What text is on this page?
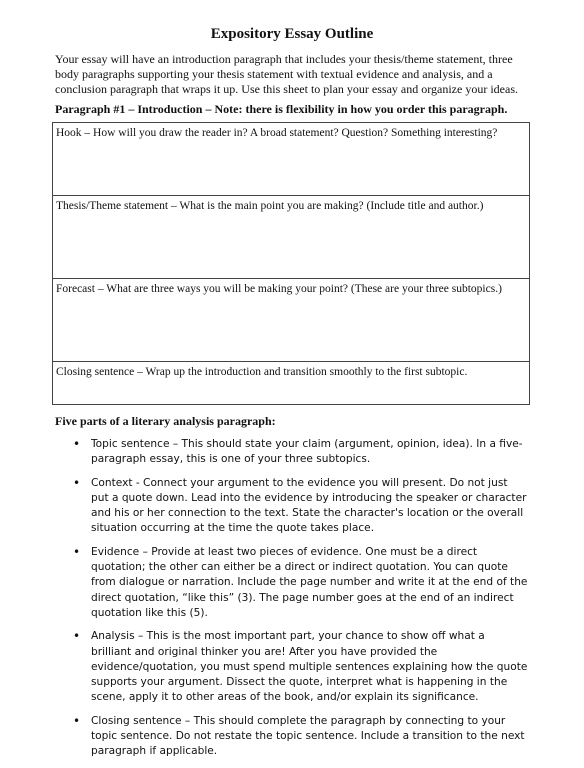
Expository Essay Outline
Your essay will have an introduction paragraph that includes your thesis/theme statement, three body paragraphs supporting your thesis statement with textual evidence and analysis, and a conclusion paragraph that wraps it up. Use this sheet to plan your essay and organize your ideas.
Paragraph #1 – Introduction – Note: there is flexibility in how you order this paragraph.
Hook – How will you draw the reader in? A broad statement? Question? Something interesting?
Thesis/Theme statement – What is the main point you are making? (Include title and author.)
Forecast – What are three ways you will be making your point? (These are your three subtopics.)
Closing sentence – Wrap up the introduction and transition smoothly to the first subtopic.
Five parts of a literary analysis paragraph:
• Topic sentence – This should state your claim (argument, opinion, idea). In a five-paragraph essay, this is one of your three subtopics.
• Context - Connect your argument to the evidence you will present. Do not just put a quote down. Lead into the evidence by introducing the speaker or character and his or her connection to the text. State the character's location or the overall situation occurring at the time the quote takes place.
• Evidence – Provide at least two pieces of evidence. One must be a direct quotation; the other can either be a direct or indirect quotation. You can quote from dialogue or narration. Include the page number and write it at the end of the direct quotation, “like this” (3). The page number goes at the end of an indirect quotation like this (5).
• Analysis – This is the most important part, your chance to show off what a brilliant and original thinker you are! After you have provided the evidence/quotation, you must spend multiple sentences explaining how the quote supports your argument. Dissect the quote, interpret what is happening in the scene, apply it to other areas of the book, and/or explain its significance.
• Closing sentence – This should complete the paragraph by connecting to your topic sentence. Do not restate the topic sentence. Include a transition to the next paragraph if applicable.
